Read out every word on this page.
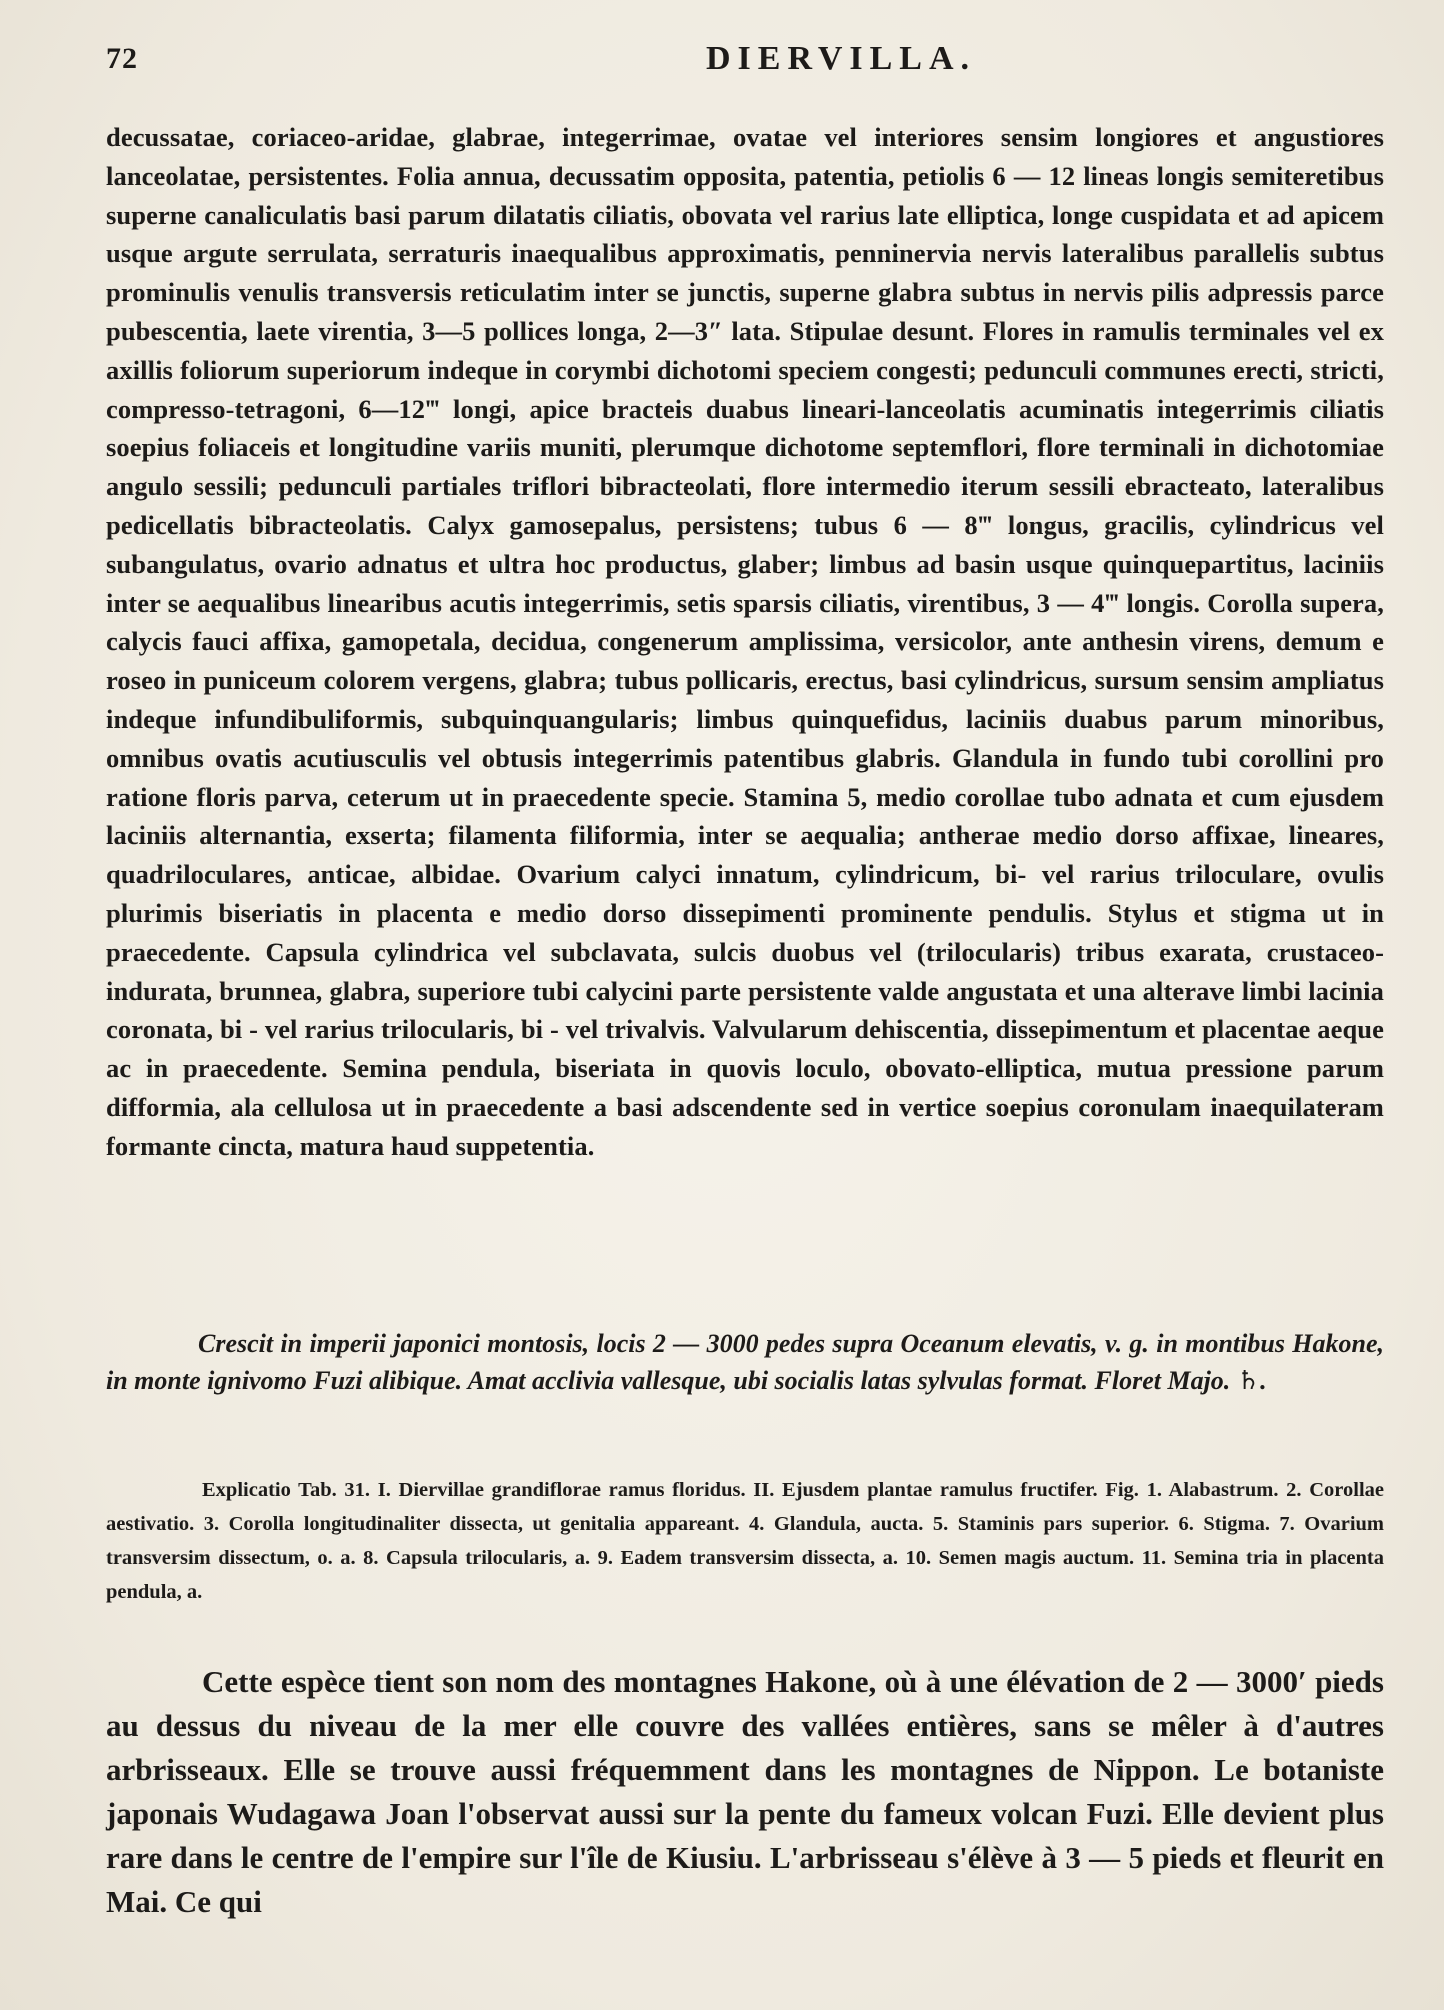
72	DIERVILLA.

decussatae, coriaceo-aridae, glabrae, integerrimae, ovatae vel interiores sensim longiores et angustiores lanceolatae, persistentes. Folia annua, decussatim opposita, patentia, petiolis 6 — 12 lineas longis semiteretibus superne canaliculatis basi parum dilatatis ciliatis, obovata vel rarius late elliptica, longe cuspidata et ad apicem usque argute serrulata, serraturis inaequalibus approximatis, penninervia nervis lateralibus parallelis subtus prominulis venulis transversis reticulatim inter se junctis, superne glabra subtus in nervis pilis adpressis parce pubescentia, laete virentia, 3—5 pollices longa, 2—3″ lata. Stipulae desunt. Flores in ramulis terminales vel ex axillis foliorum superiorum indeque in corymbi dichotomi speciem congesti; pedunculi communes erecti, stricti, compresso-tetragoni, 6—12‴ longi, apice bracteis duabus lineari-lanceolatis acuminatis integerrimis ciliatis soepius foliaceis et longitudine variis muniti, plerumque dichotome septemflori, flore terminali in dichotomiae angulo sessili; pedunculi partiales triflori bibracteolati, flore intermedio iterum sessili ebracteato, lateralibus pedicellatis bibracteolatis. Calyx gamosepalus, persistens; tubus 6 — 8‴ longus, gracilis, cylindricus vel subangulatus, ovario adnatus et ultra hoc productus, glaber; limbus ad basin usque quinquepartitus, laciniis inter se aequalibus linearibus acutis integerrimis, setis sparsis ciliatis, virentibus, 3 — 4‴ longis. Corolla supera, calycis fauci affixa, gamopetala, decidua, congenerum amplissima, versicolor, ante anthesin virens, demum e roseo in puniceum colorem vergens, glabra; tubus pollicaris, erectus, basi cylindricus, sursum sensim ampliatus indeque infundibuliformis, subquinquangularis; limbus quinquefidus, laciniis duabus parum minoribus, omnibus ovatis acutiusculis vel obtusis integerrimis patentibus glabris. Glandula in fundo tubi corollini pro ratione floris parva, ceterum ut in praecedente specie. Stamina 5, medio corollae tubo adnata et cum ejusdem laciniis alternantia, exserta; filamenta filiformia, inter se aequalia; antherae medio dorso affixae, lineares, quadriloculares, anticae, albidae. Ovarium calyci innatum, cylindricum, bi- vel rarius triloculare, ovulis plurimis biseriatis in placenta e medio dorso dissepimenti prominente pendulis. Stylus et stigma ut in praecedente. Capsula cylindrica vel subclavata, sulcis duobus vel (trilocularis) tribus exarata, crustaceo-indurata, brunnea, glabra, superiore tubi calycini parte persistente valde angustata et una alterave limbi lacinia coronata, bi - vel rarius trilocularis, bi - vel trivalvis. Valvularum dehiscentia, dissepimentum et placentae aeque ac in praecedente. Semina pendula, biseriata in quovis loculo, obovato-elliptica, mutua pressione parum difformia, ala cellulosa ut in praecedente a basi adscendente sed in vertice soepius coronulam inaequilateram formante cincta, matura haud suppetentia.

Crescit in imperii japonici montosis, locis 2 — 3000 pedes supra Oceanum elevatis, v. g. in montibus Hakone, in monte ignivomo Fuzi alibique. Amat acclivia vallesque, ubi socialis latas sylvulas format. Floret Majo. ♄.

Explicatio Tab. 31. I. Diervillae grandiflorae ramus floridus. II. Ejusdem plantae ramulus fructifer. Fig. 1. Alabastrum. 2. Corollae aestivatio. 3. Corolla longitudinaliter dissecta, ut genitalia appareant. 4. Glandula, aucta. 5. Staminis pars superior. 6. Stigma. 7. Ovarium transversim dissectum, o. a. 8. Capsula trilocularis, a. 9. Eadem transversim dissecta, a. 10. Semen magis auctum. 11. Semina tria in placenta pendula, a.

Cette espèce tient son nom des montagnes Hakone, où à une élévation de 2 — 3000′ pieds au dessus du niveau de la mer elle couvre des vallées entières, sans se mêler à d'autres arbrisseaux. Elle se trouve aussi fréquemment dans les montagnes de Nippon. Le botaniste japonais Wudagawa Joan l'observat aussi sur la pente du fameux volcan Fuzi. Elle devient plus rare dans le centre de l'empire sur l'île de Kiusiu. L'arbrisseau s'élève à 3 — 5 pieds et fleurit en Mai. Ce qui
